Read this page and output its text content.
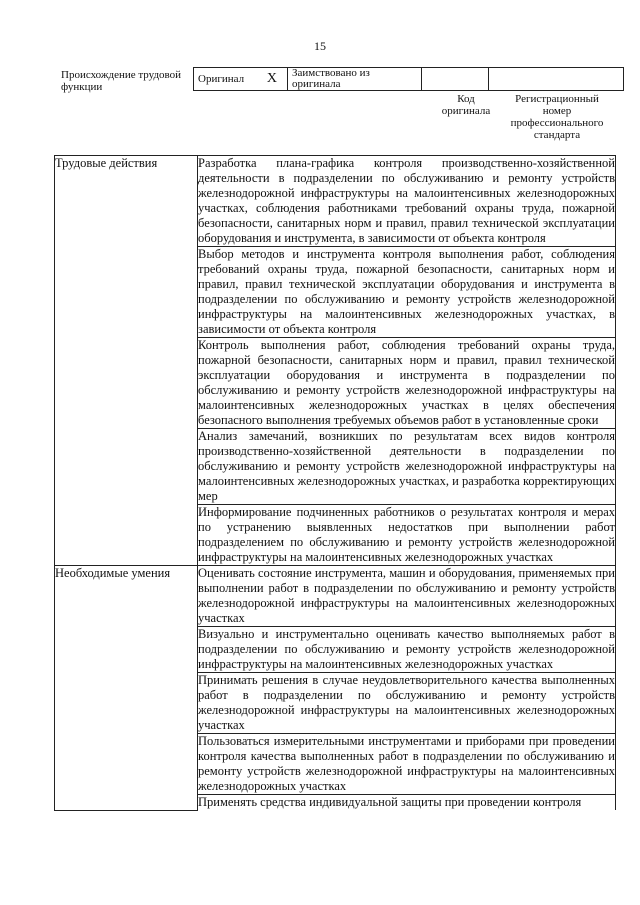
15
Происхождение трудовой функции
Оригинал X	Заимствовано из оригинала		
Код оригинала
Регистрационный номер профессионального стандарта
Трудовые действия	Разработка плана-графика контроля производственно-хозяйственной деятельности в подразделении по обслуживанию и ремонту устройств железнодорожной инфраструктуры на малоинтенсивных железнодорожных участках, соблюдения работниками требований охраны труда, пожарной безопасности, санитарных норм и правил, правил технической эксплуатации оборудования и инструмента, в зависимости от объекта контроля
	Выбор методов и инструмента контроля выполнения работ, соблюдения требований охраны труда, пожарной безопасности, санитарных норм и правил, правил технической эксплуатации оборудования и инструмента в подразделении по обслуживанию и ремонту устройств железнодорожной инфраструктуры на малоинтенсивных железнодорожных участках, в зависимости от объекта контроля
	Контроль выполнения работ, соблюдения требований охраны труда, пожарной безопасности, санитарных норм и правил, правил технической эксплуатации оборудования и инструмента в подразделении по обслуживанию и ремонту устройств железнодорожной инфраструктуры на малоинтенсивных железнодорожных участках в целях обеспечения безопасного выполнения требуемых объемов работ в установленные сроки
	Анализ замечаний, возникших по результатам всех видов контроля производственно-хозяйственной деятельности в подразделении по обслуживанию и ремонту устройств железнодорожной инфраструктуры на малоинтенсивных железнодорожных участках, и разработка корректирующих мер
	Информирование подчиненных работников о результатах контроля и мерах по устранению выявленных недостатков при выполнении работ подразделением по обслуживанию и ремонту устройств железнодорожной инфраструктуры на малоинтенсивных железнодорожных участках
Необходимые умения	Оценивать состояние инструмента, машин и оборудования, применяемых при выполнении работ в подразделении по обслуживанию и ремонту устройств железнодорожной инфраструктуры на малоинтенсивных железнодорожных участках
	Визуально и инструментально оценивать качество выполняемых работ в подразделении по обслуживанию и ремонту устройств железнодорожной инфраструктуры на малоинтенсивных железнодорожных участках
	Принимать решения в случае неудовлетворительного качества выполненных работ в подразделении по обслуживанию и ремонту устройств железнодорожной инфраструктуры на малоинтенсивных железнодорожных участках
	Пользоваться измерительными инструментами и приборами при проведении контроля качества выполненных работ в подразделении по обслуживанию и ремонту устройств железнодорожной инфраструктуры на малоинтенсивных железнодорожных участках
	Применять средства индивидуальной защиты при проведении контроля
